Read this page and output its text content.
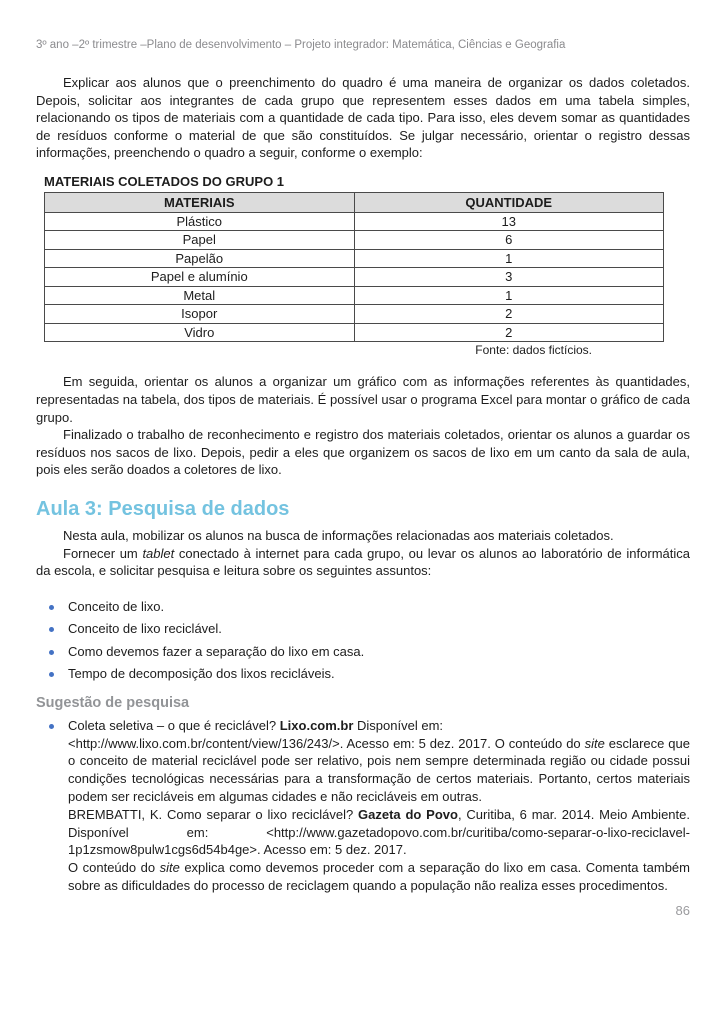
3º ano –2º trimestre –Plano de desenvolvimento – Projeto integrador: Matemática, Ciências e Geografia

Explicar aos alunos que o preenchimento do quadro é uma maneira de organizar os dados coletados. Depois, solicitar aos integrantes de cada grupo que representem esses dados em uma tabela simples, relacionando os tipos de materiais com a quantidade de cada tipo. Para isso, eles devem somar as quantidades de resíduos conforme o material de que são constituídos. Se julgar necessário, orientar o registro dessas informações, preenchendo o quadro a seguir, conforme o exemplo:

MATERIAIS COLETADOS DO GRUPO 1
MATERIAIS	QUANTIDADE
Plástico	13
Papel	6
Papelão	1
Papel e alumínio	3
Metal	1
Isopor	2
Vidro	2
Fonte: dados fictícios.

Em seguida, orientar os alunos a organizar um gráfico com as informações referentes às quantidades, representadas na tabela, dos tipos de materiais. É possível usar o programa Excel para montar o gráfico de cada grupo.

Finalizado o trabalho de reconhecimento e registro dos materiais coletados, orientar os alunos a guardar os resíduos nos sacos de lixo. Depois, pedir a eles que organizem os sacos de lixo em um canto da sala de aula, pois eles serão doados a coletores de lixo.

Aula 3: Pesquisa de dados

Nesta aula, mobilizar os alunos na busca de informações relacionadas aos materiais coletados.

Fornecer um tablet conectado à internet para cada grupo, ou levar os alunos ao laboratório de informática da escola, e solicitar pesquisa e leitura sobre os seguintes assuntos:

Conceito de lixo.
Conceito de lixo reciclável.
Como devemos fazer a separação do lixo em casa.
Tempo de decomposição dos lixos recicláveis.
Sugestão de pesquisa

Coleta seletiva – o que é reciclável? Lixo.com.br Disponível em:

<http://www.lixo.com.br/content/view/136/243/>. Acesso em: 5 dez. 2017. O conteúdo do site esclarece que o conceito de material reciclável pode ser relativo, pois nem sempre determinada região ou cidade possui condições tecnológicas necessárias para a transformação de certos materiais. Portanto, certos materiais podem ser recicláveis em algumas cidades e não recicláveis em outras.

BREMBATTI, K. Como separar o lixo reciclável? Gazeta do Povo, Curitiba, 6 mar. 2014. Meio Ambiente. Disponível em: <http://www.gazetadopovo.com.br/curitiba/como-separar-o-lixo-reciclavel-1p1zsmow8pulw1cgs6d54b4ge>. Acesso em: 5 dez. 2017.

O conteúdo do site explica como devemos proceder com a separação do lixo em casa. Comenta também sobre as dificuldades do processo de reciclagem quando a população não realiza esses procedimentos.

86
